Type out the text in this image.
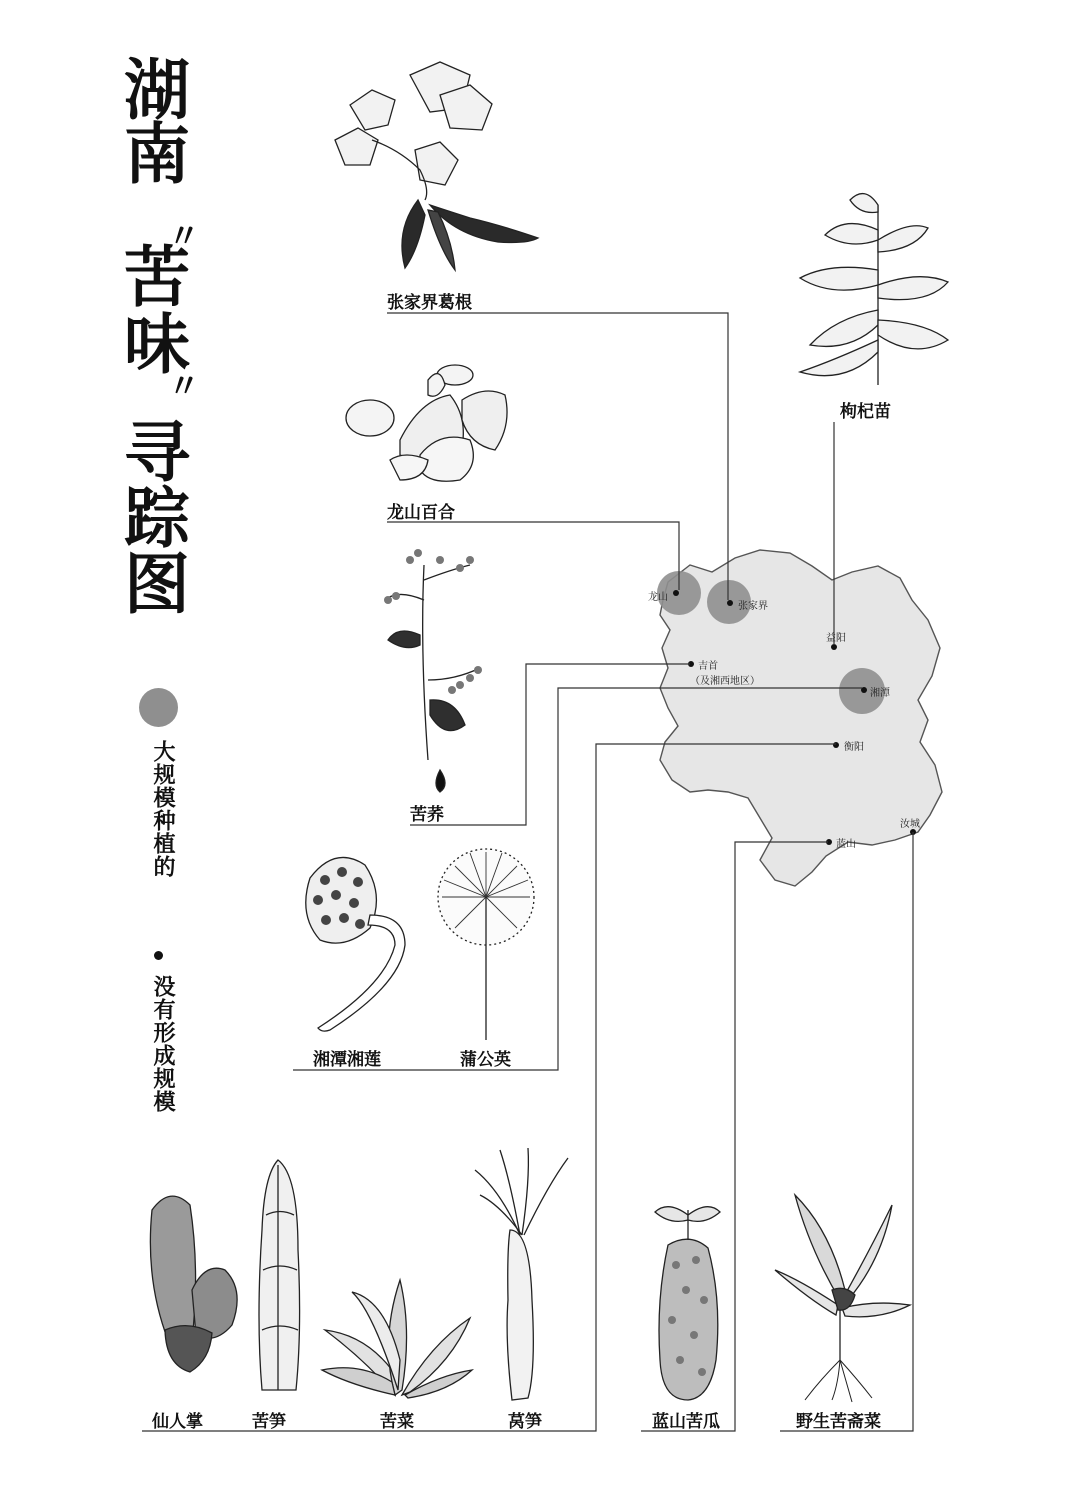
湖
南
〃
苦
味
〃
寻
踪
图
大规模种植的
没有形成规模
龙山
张家界
益阳
吉首
（及湘西地区）
湘潭
衡阳
蓝山
汝城
张家界葛根
枸杞苗
龙山百合
苦荞
湘潭湘莲	蒲公英
仙人掌	苦笋	苦菜	莴笋	蓝山苦瓜	野生苦斋菜
